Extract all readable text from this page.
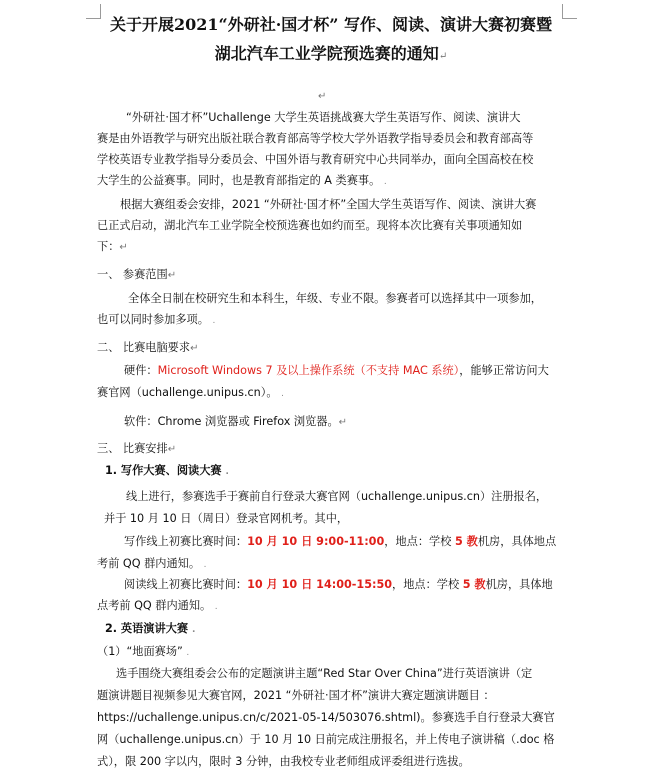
关于开展2021“外研社·国才杯” 写作、阅读、演讲大赛初赛暨
湖北汽车工业学院预选赛的通知↵
↵
“外研社·国才杯”Uchallenge 大学生英语挑战赛大学生英语写作、阅读、演讲大
赛是由外语教学与研究出版社联合教育部高等学校大学外语教学指导委员会和教育部高等
学校英语专业教学指导分委员会、中国外语与教育研究中心共同举办，面向全国高校在校
大学生的公益赛事。同时，也是教育部指定的 A 类赛事。 .
根据大赛组委会安排，2021 “外研社·国才杯”全国大学生英语写作、阅读、演讲大赛
已正式启动，湖北汽车工业学院全校预选赛也如约而至。现将本次比赛有关事项通知如
下：↵
一、 参赛范围↵
全体全日制在校研究生和本科生，年级、专业不限。参赛者可以选择其中一项参加，
也可以同时参加多项。 .
二、 比赛电脑要求↵
硬件：Microsoft Windows 7 及以上操作系统（不支持 MAC 系统），能够正常访问大
赛官网（uchallenge.unipus.cn）。 .
软件：Chrome 浏览器或 Firefox 浏览器。↵
三、 比赛安排↵
1. 写作大赛、阅读大赛 .
线上进行，参赛选手于赛前自行登录大赛官网（uchallenge.unipus.cn）注册报名，
并于 10 月 10 日（周日）登录官网机考。其中，
写作线上初赛比赛时间：10 月 10 日 9:00-11:00，地点：学校 5 教机房，具体地点
考前 QQ 群内通知。 .
阅读线上初赛比赛时间：10 月 10 日 14:00-15:50，地点：学校 5 教机房，具体地
点考前 QQ 群内通知。 .
2. 英语演讲大赛 .
（1）“地面赛场” .
选手围绕大赛组委会公布的定题演讲主题“Red Star Over China”进行英语演讲（定
题演讲题目视频参见大赛官网，2021 “外研社·国才杯”演讲大赛定题演讲题目 ：
https://uchallenge.unipus.cn/c/2021-05-14/503076.shtml)。参赛选手自行登录大赛官
网（uchallenge.unipus.cn）于 10 月 10 日前完成注册报名，并上传电子演讲稿（.doc 格
式），限 200 字以内，限时 3 分钟，由我校专业老师组成评委组进行选拔。
